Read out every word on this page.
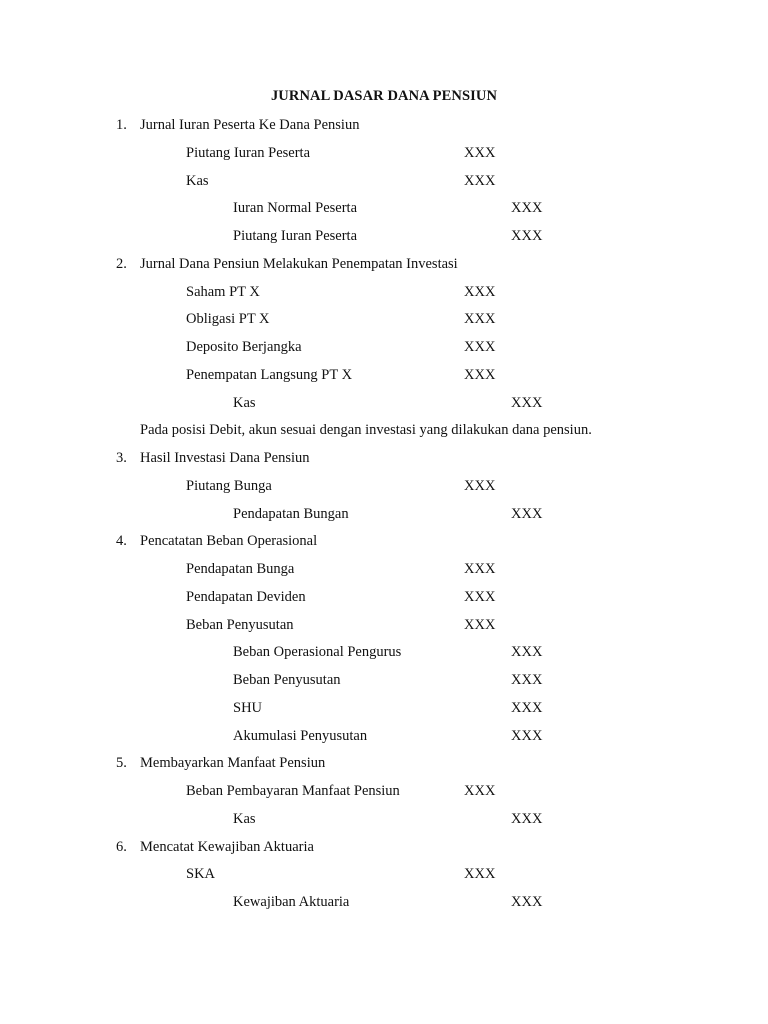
JURNAL DASAR DANA PENSIUN
1. Jurnal Iuran Peserta Ke Dana Pensiun
Piutang Iuran Peserta	XXX
Kas	XXX
Iuran Normal Peserta	XXX
Piutang Iuran Peserta	XXX
2. Jurnal Dana Pensiun Melakukan Penempatan Investasi
Saham PT X	XXX
Obligasi PT X	XXX
Deposito Berjangka	XXX
Penempatan Langsung PT X	XXX
Kas	XXX
Pada posisi Debit, akun sesuai dengan investasi yang dilakukan dana pensiun.
3. Hasil Investasi Dana Pensiun
Piutang Bunga	XXX
Pendapatan Bungan	XXX
4. Pencatatan Beban Operasional
Pendapatan Bunga	XXX
Pendapatan Deviden	XXX
Beban Penyusutan	XXX
Beban Operasional Pengurus	XXX
Beban Penyusutan	XXX
SHU	XXX
Akumulasi Penyusutan	XXX
5. Membayarkan Manfaat Pensiun
Beban Pembayaran Manfaat Pensiun	XXX
Kas	XXX
6. Mencatat Kewajiban Aktuaria
SKA	XXX
Kewajiban Aktuaria	XXX
